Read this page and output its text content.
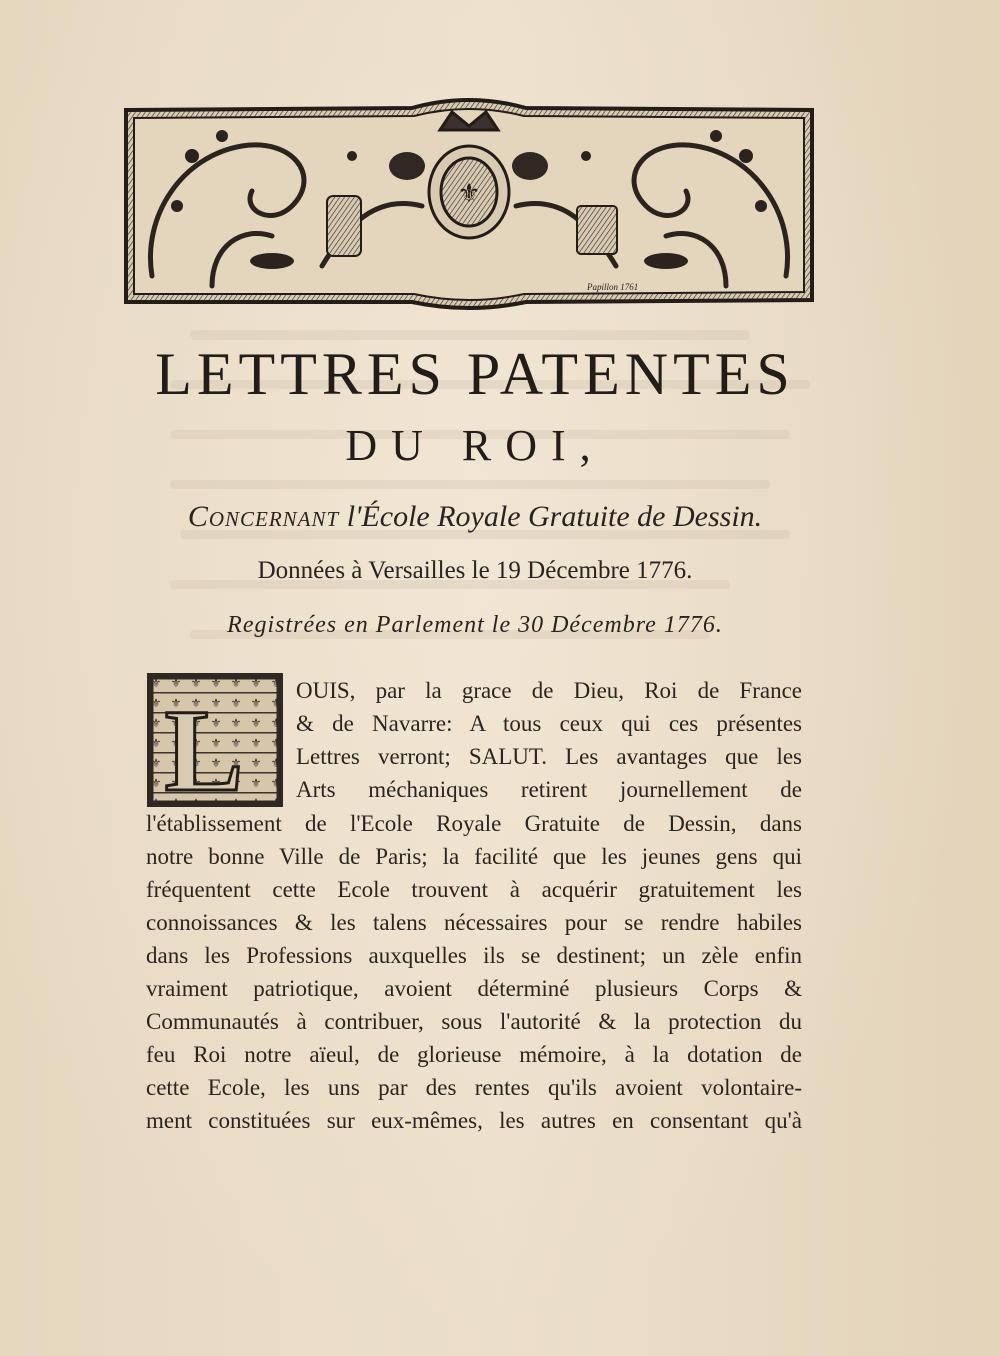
⚜
Papillon 1761
LETTRES PATENTES
DU ROI,
Concernant l'École Royale Gratuite de Dessin.
Données à Versailles le 19 Décembre 1776.
Registrées en Parlement le 30 Décembre 1776.
L OUIS, par la grace de Dieu, Roi de France
& de Navarre: A tous ceux qui ces présentes
Lettres verront; SALUT. Les avantages que les
Arts méchaniques retirent journellement de
l'établissement de l'Ecole Royale Gratuite de Dessin, dans
notre bonne Ville de Paris; la facilité que les jeunes gens qui
fréquentent cette Ecole trouvent à acquérir gratuitement les
connoissances & les talens nécessaires pour se rendre habiles
dans les Professions auxquelles ils se destinent; un zèle enfin
vraiment patriotique, avoient déterminé plusieurs Corps &
Communautés à contribuer, sous l'autorité & la protection du
feu Roi notre aïeul, de glorieuse mémoire, à la dotation de
cette Ecole, les uns par des rentes qu'ils avoient volontaire-
ment constituées sur eux-mêmes, les autres en consentant qu'à
